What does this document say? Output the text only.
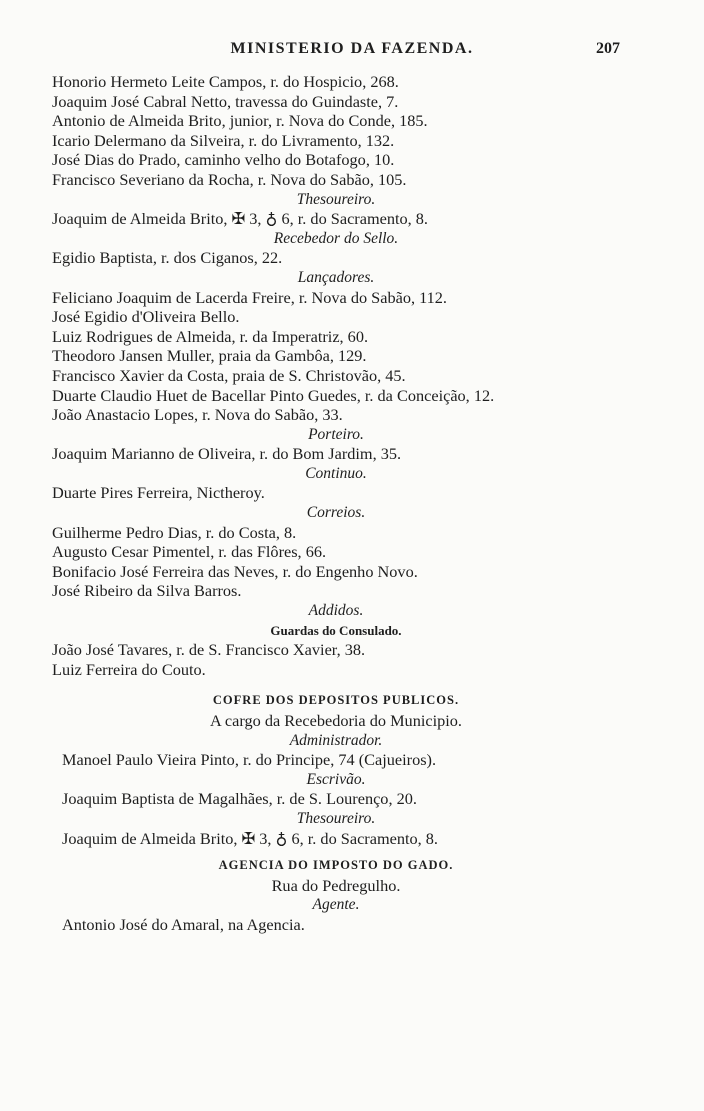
MINISTERIO DA FAZENDA.	207
Honorio Hermeto Leite Campos, r. do Hospicio, 268.
Joaquim José Cabral Netto, travessa do Guindaste, 7.
Antonio de Almeida Brito, junior, r. Nova do Conde, 185.
Icario Delermano da Silveira, r. do Livramento, 132.
José Dias do Prado, caminho velho do Botafogo, 10.
Francisco Severiano da Rocha, r. Nova do Sabão, 105.
Thesoureiro.
Joaquim de Almeida Brito, ✠ 3, ♁ 6, r. do Sacramento, 8.
Recebedor do Sello.
Egidio Baptista, r. dos Ciganos, 22.
Lançadores.
Feliciano Joaquim de Lacerda Freire, r. Nova do Sabão, 112.
José Egidio d'Oliveira Bello.
Luiz Rodrigues de Almeida, r. da Imperatriz, 60.
Theodoro Jansen Muller, praia da Gambôa, 129.
Francisco Xavier da Costa, praia de S. Christovão, 45.
Duarte Claudio Huet de Bacellar Pinto Guedes, r. da Conceição, 12.
João Anastacio Lopes, r. Nova do Sabão, 33.
Porteiro.
Joaquim Marianno de Oliveira, r. do Bom Jardim, 35.
Continuo.
Duarte Pires Ferreira, Nictheroy.
Correios.
Guilherme Pedro Dias, r. do Costa, 8.
Augusto Cesar Pimentel, r. das Flôres, 66.
Bonifacio José Ferreira das Neves, r. do Engenho Novo.
José Ribeiro da Silva Barros.
Addidos.
Guardas do Consulado.
João José Tavares, r. de S. Francisco Xavier, 38.
Luiz Ferreira do Couto.
COFRE DOS DEPOSITOS PUBLICOS.
A cargo da Recebedoria do Municipio.
Administrador.
Manoel Paulo Vieira Pinto, r. do Principe, 74 (Cajueiros).
Escrivão.
Joaquim Baptista de Magalhães, r. de S. Lourenço, 20.
Thesoureiro.
Joaquim de Almeida Brito, ✠ 3, ♁ 6, r. do Sacramento, 8.
AGENCIA DO IMPOSTO DO GADO.
Rua do Pedregulho.
Agente.
Antonio José do Amaral, na Agencia.
